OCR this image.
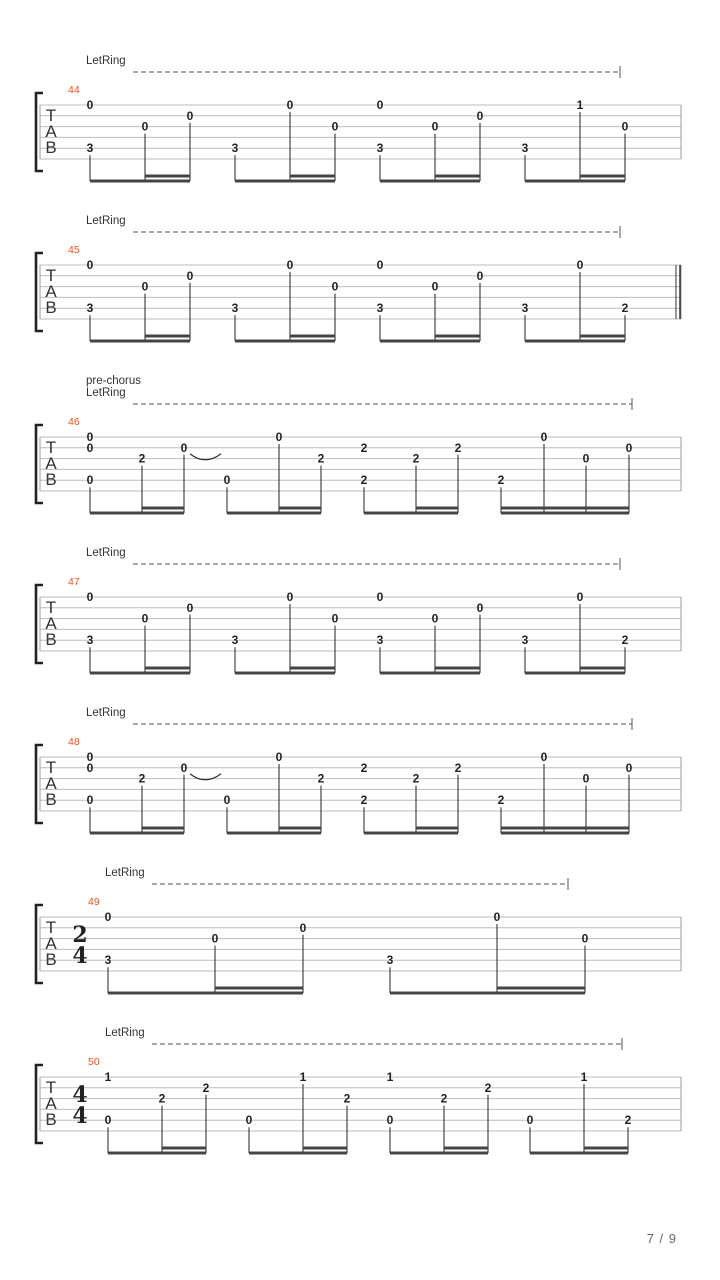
LetRing
44
T
A
B
0
3
0
0
3
0
0
0
3
0
0
3
1
0
LetRing
45
T
A
B
0
3
0
0
3
0
0
0
3
0
0
3
0
2
pre-chorus
LetRing
46
T
A
B
0
0
0
2
0
0
0
2
2
2
2
2
2
0
0
0
LetRing
47
T
A
B
0
3
0
0
3
0
0
0
3
0
0
3
0
2
LetRing
48
T
A
B
0
0
0
2
0
0
0
2
2
2
2
2
2
0
0
0
LetRing
49
T
A
B
2
4
0
3
0
0
3
0
0
LetRing
50
T
A
B
4
4
1
0
2
2
0
1
2
1
0
2
2
0
1
2
7 / 9
